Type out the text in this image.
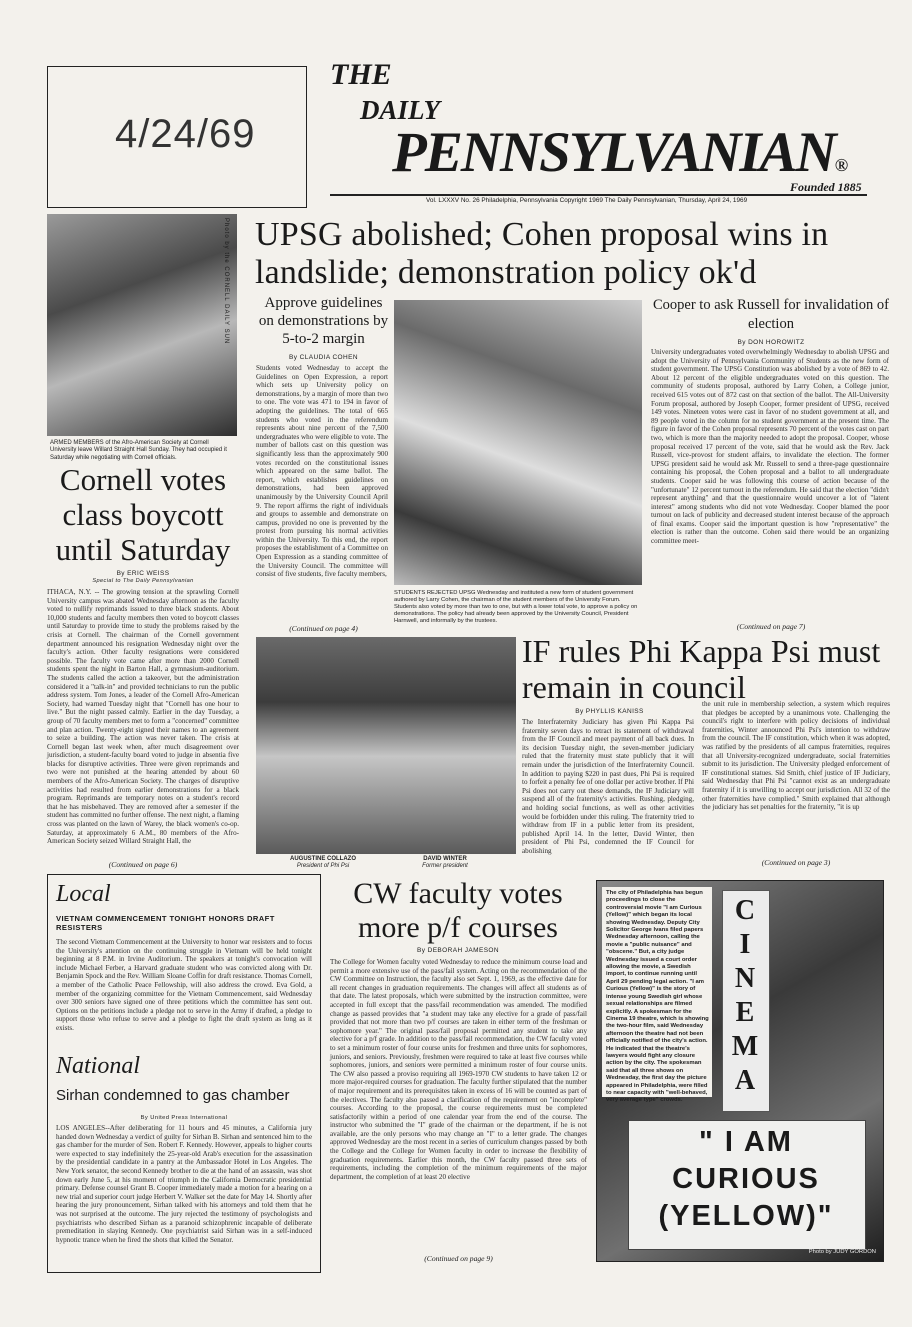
4/24/69
THE
DAILY
PENNSYLVANIAN®
Founded 1885
Vol. LXXXV No. 26 Philadelphia, Pennsylvania Copyright 1969 The Daily Pennsylvanian, Thursday, April 24, 1969
Photo by the CORNELL DAILY SUN
ARMED MEMBERS of the Afro-American Society at Cornell University leave Willard Straight Hall Sunday. They had occupied it Saturday while negotiating with Cornell officials.
Cornell votes class boycott until Saturday
By ERIC WEISS
Special to The Daily Pennsylvanian
ITHACA, N.Y. -- The growing tension at the sprawling Cornell University campus was abated Wednesday afternoon as the faculty voted to nullify reprimands issued to three black students. About 10,000 students and faculty members then voted to boycott classes until Saturday to provide time to study the problems raised by the crisis at Cornell. The chairman of the Cornell government department announced his resignation Wednesday night over the faculty's action. Other faculty resignations were considered possible. The faculty vote came after more than 2000 Cornell students spent the night in Barton Hall, a gymnasium-auditorium. The students called the action a takeover, but the administration considered it a "talk-in" and provided technicians to run the public address system. Tom Jones, a leader of the Cornell Afro-American Society, had warned Tuesday night that "Cornell has one hour to live." But the night passed calmly. Earlier in the day Tuesday, a group of 70 faculty members met to form a "concerned" committee and plan action. Twenty-eight signed their names to an agreement to seize a building. The action was never taken. The crisis at Cornell began last week when, after much disagreement over jurisdiction, a student-faculty board voted to judge in absentia five blacks for disruptive activities. Three were given reprimands and two were not punished at the hearing attended by about 60 members of the Afro-American Society. The charges of disruptive activities had resulted from earlier demonstrations for a black program. Reprimands are temporary notes on a student's record that he has misbehaved. They are removed after a semester if the student has committed no further offense. The next night, a flaming cross was planted on the lawn of Warey, the black women's co-op. Saturday, at approximately 6 A.M., 80 members of the Afro-American Society seized Willard Straight Hall, the
(Continued on page 6)
UPSG abolished; Cohen proposal wins in landslide; demonstration policy ok'd
Approve guidelines on demonstrations by 5-to-2 margin
By CLAUDIA COHEN
Students voted Wednesday to accept the Guidelines on Open Expression, a report which sets up University policy on demonstrations, by a margin of more than two to one. The vote was 471 to 194 in favor of adopting the guidelines. The total of 665 students who voted in the referendum represents about nine percent of the 7,500 undergraduates who were eligible to vote. The number of ballots cast on this question was significantly less than the approximately 900 votes recorded on the constitutional issues which appeared on the same ballot. The report, which establishes guidelines on demonstrations, had been approved unanimously by the University Council April 9. The report affirms the right of individuals and groups to assemble and demonstrate on campus, provided no one is prevented by the protest from pursuing his normal activities within the University. To this end, the report proposes the establishment of a Committee on Open Expression as a standing committee of the University Council. The committee will consist of five students, five faculty members,
(Continued on page 4)
STUDENTS REJECTED UPSG Wednesday and instituted a new form of student government authored by Larry Cohen, the chairman of the student members of the University Forum. Students also voted by more than two to one, but with a lower total vote, to approve a policy on demonstrations. The policy had already been approved by the University Council, President Harnwell, and informally by the trustees.
Cooper to ask Russell for invalidation of election
By DON HOROWITZ
University undergraduates voted overwhelmingly Wednesday to abolish UPSG and adopt the University of Pennsylvania Community of Students as the new form of student government. The UPSG Constitution was abolished by a vote of 869 to 42. About 12 percent of the eligible undergraduates voted on this question. The community of students proposal, authored by Larry Cohen, a College junior, received 615 votes out of 872 cast on that section of the ballot. The All-University Forum proposal, authored by Joseph Cooper, former president of UPSG, received 149 votes. Nineteen votes were cast in favor of no student government at all, and 89 people voted in the column for no student government at the present time. The figure in favor of the Cohen proposal represents 70 percent of the votes cast on part two, which is more than the majority needed to adopt the proposal. Cooper, whose proposal received 17 percent of the vote, said that he would ask the Rev. Jack Russell, vice-provost for student affairs, to invalidate the election. The former UPSG president said he would ask Mr. Russell to send a three-page questionnaire containing his proposal, the Cohen proposal and a ballot to all undergraduate students. Cooper said he was following this course of action because of the "unfortunate" 12 percent turnout in the referendum. He said that the election "didn't represent anything" and that the questionnaire would uncover a lot of "latent interest" among students who did not vote Wednesday. Cooper blamed the poor turnout on lack of publicity and decreased student interest because of the approach of final exams. Cooper said the important question is how "representative" the election is rather than the outcome. Cohen said there would be an organizing committee meet-
(Continued on page 7)
AUGUSTINE COLLAZO
President of Phi Psi
DAVID WINTER
Former president
IF rules Phi Kappa Psi must remain in council
By PHYLLIS KANISS
The Interfraternity Judiciary has given Phi Kappa Psi fraternity seven days to retract its statement of withdrawal from the IF Council and meet payment of all back dues. In its decision Tuesday night, the seven-member judiciary ruled that the fraternity must state publicly that it will remain under the jurisdiction of the Interfraternity Council. In addition to paying $220 in past dues, Phi Psi is required to forfeit a penalty fee of one dollar per active brother. If Phi Psi does not carry out these demands, the IF Judiciary will suspend all of the fraternity's activities. Rushing, pledging, and holding social functions, as well as other activities would be forbidden under this ruling. The fraternity tried to withdraw from IF in a public letter from its president, published April 14. In the letter, David Winter, then president of Phi Psi, condemned the IF Council for abolishing
the unit rule in membership selection, a system which requires that pledges be accepted by a unanimous vote. Challenging the council's right to interfere with policy decisions of individual fraternities, Winter announced Phi Psi's intention to withdraw from the council. The IF constitution, which when it was adopted, was ratified by the presidents of all campus fraternities, requires that all University-recognized undergraduate, social fraternities submit to its jurisdiction. The University pledged enforcement of IF constitutional statues. Sid Smith, chief justice of IF Judiciary, said Wednesday that Phi Psi "cannot exist as an undergraduate fraternity if it is unwilling to accept our jurisdiction. All 32 of the other fraternities have complied." Smith explained that although the judiciary has set penalties for the fraternity, "it is up
(Continued on page 3)
Local
VIETNAM COMMENCEMENT TONIGHT HONORS DRAFT RESISTERS
The second Vietnam Commencement at the University to honor war resisters and to focus the University's attention on the continuing struggle in Vietnam will be held tonight beginning at 8 P.M. in Irvine Auditorium. The speakers at tonight's convocation will include Michael Ferber, a Harvard graduate student who was convicted along with Dr. Benjamin Spock and the Rev. William Sloane Coffin for draft resistance. Thomas Cornell, a member of the Catholic Peace Fellowship, will also address the crowd. Eva Gold, a member of the organizing committee for the Vietnam Commencement, said Wednesday over 300 seniors have signed one of three petitions which the committee has sent out. Options on the petitions include a pledge not to serve in the Army if drafted, a pledge to support those who refuse to serve and a pledge to fight the draft system as long as it exists.
National
Sirhan condemned to gas chamber
By United Press International
LOS ANGELES--After deliberating for 11 hours and 45 minutes, a California jury handed down Wednesday a verdict of guilty for Sirhan B. Sirhan and sentenced him to the gas chamber for the murder of Sen. Robert F. Kennedy. However, appeals to higher courts were expected to stay indefinitely the 25-year-old Arab's execution for the assassination by the presidential candidate in a pantry at the Ambassador Hotel in Los Angeles. The New York senator, the second Kennedy brother to die at the hand of an assassin, was shot down early June 5, at his moment of triumph in the California Democratic presidential primary. Defense counsel Grant B. Cooper immediately made a motion for a hearing on a new trial and superior court judge Herbert V. Walker set the date for May 14. Shortly after hearing the jury pronouncement, Sirhan talked with his attorneys and told them that he was not surprised at the outcome. The jury rejected the testimony of psychologists and psychiatrists who described Sirhan as a paranoid schizophrenic incapable of deliberate premeditation in slaying Kennedy. One psychiatrist said Sirhan was in a self-induced hypnotic trance when he fired the shots that killed the Senator.
CW faculty votes more p/f courses
By DEBORAH JAMESON
The College for Women faculty voted Wednesday to reduce the minimum course load and permit a more extensive use of the pass/fail system. Acting on the recommendation of the CW Committee on Instruction, the faculty also set Sept. 1, 1969, as the effective date for all recent changes in graduation requirements. The changes will affect all students as of that date. The latest proposals, which were submitted by the instruction committee, were accepted in full except that the pass/fail recommendation was amended. The modified change as passed provides that "a student may take any elective for a grade of pass/fail provided that not more than two p/f courses are taken in either term of the freshman or sophomore year." The original pass/fail proposal permitted any student to take any elective for a p/f grade. In addition to the pass/fail recommendation, the CW faculty voted to set a minimum roster of four course units for freshmen and three units for sophomores, juniors, and seniors. Previously, freshmen were required to take at least five courses while sophomores, juniors, and seniors were permitted a minimum roster of four course units. The CW also passed a proviso requiring all 1969-1970 CW students to have taken 12 or more major-required courses for graduation. The faculty further stipulated that the number of major requirement and its prerequisites taken in excess of 16 will be counted as part of the electives. The faculty also passed a clarification of the requirement on "incomplete" courses. According to the proposal, the course requirements must be completed satisfactorily within a period of one calendar year from the end of the course. The instructor who submitted the "I" grade of the chairman or the department, if he is not available, are the only persons who may change an "I" to a letter grade. The changes approved Wednesday are the most recent in a series of curriculum changes passed by both the College and the College for Women faculty in order to increase the flexibility of graduation requirements. Earlier this month, the CW faculty passed three sets of requirements, including the completion of the minimum requirements of the major department, the completion of at least 20 elective
(Continued on page 9)
The city of Philadelphia has begun proceedings to close the controversial movie "I am Curious (Yellow)" which began its local showing Wednesday. Deputy City Solicitor George Ivans filed papers Wednesday afternoon, calling the movie a "public nuisance" and "obscene." But, a city judge Wednesday issued a court order allowing the movie, a Swedish import, to continue running until April 29 pending legal action. "I am Curious (Yellow)" is the story of intense young Swedish girl whose sexual relationships are filmed explicitly. A spokesman for the Cinema 19 theatre, which is showing the two-hour film, said Wednesday afternoon the theatre had not been officially notified of the city's action. He indicated that the theatre's lawyers would fight any closure action by the city. The spokesman said that all three shows on Wednesday, the first day the picture appeared in Philadelphia, were filled to near capacity with "well-behaved, very average type" crowds.
C
I
N
E
M
A
" I AM
CURIOUS
(YELLOW)"
Photo by JUDY GORDON
